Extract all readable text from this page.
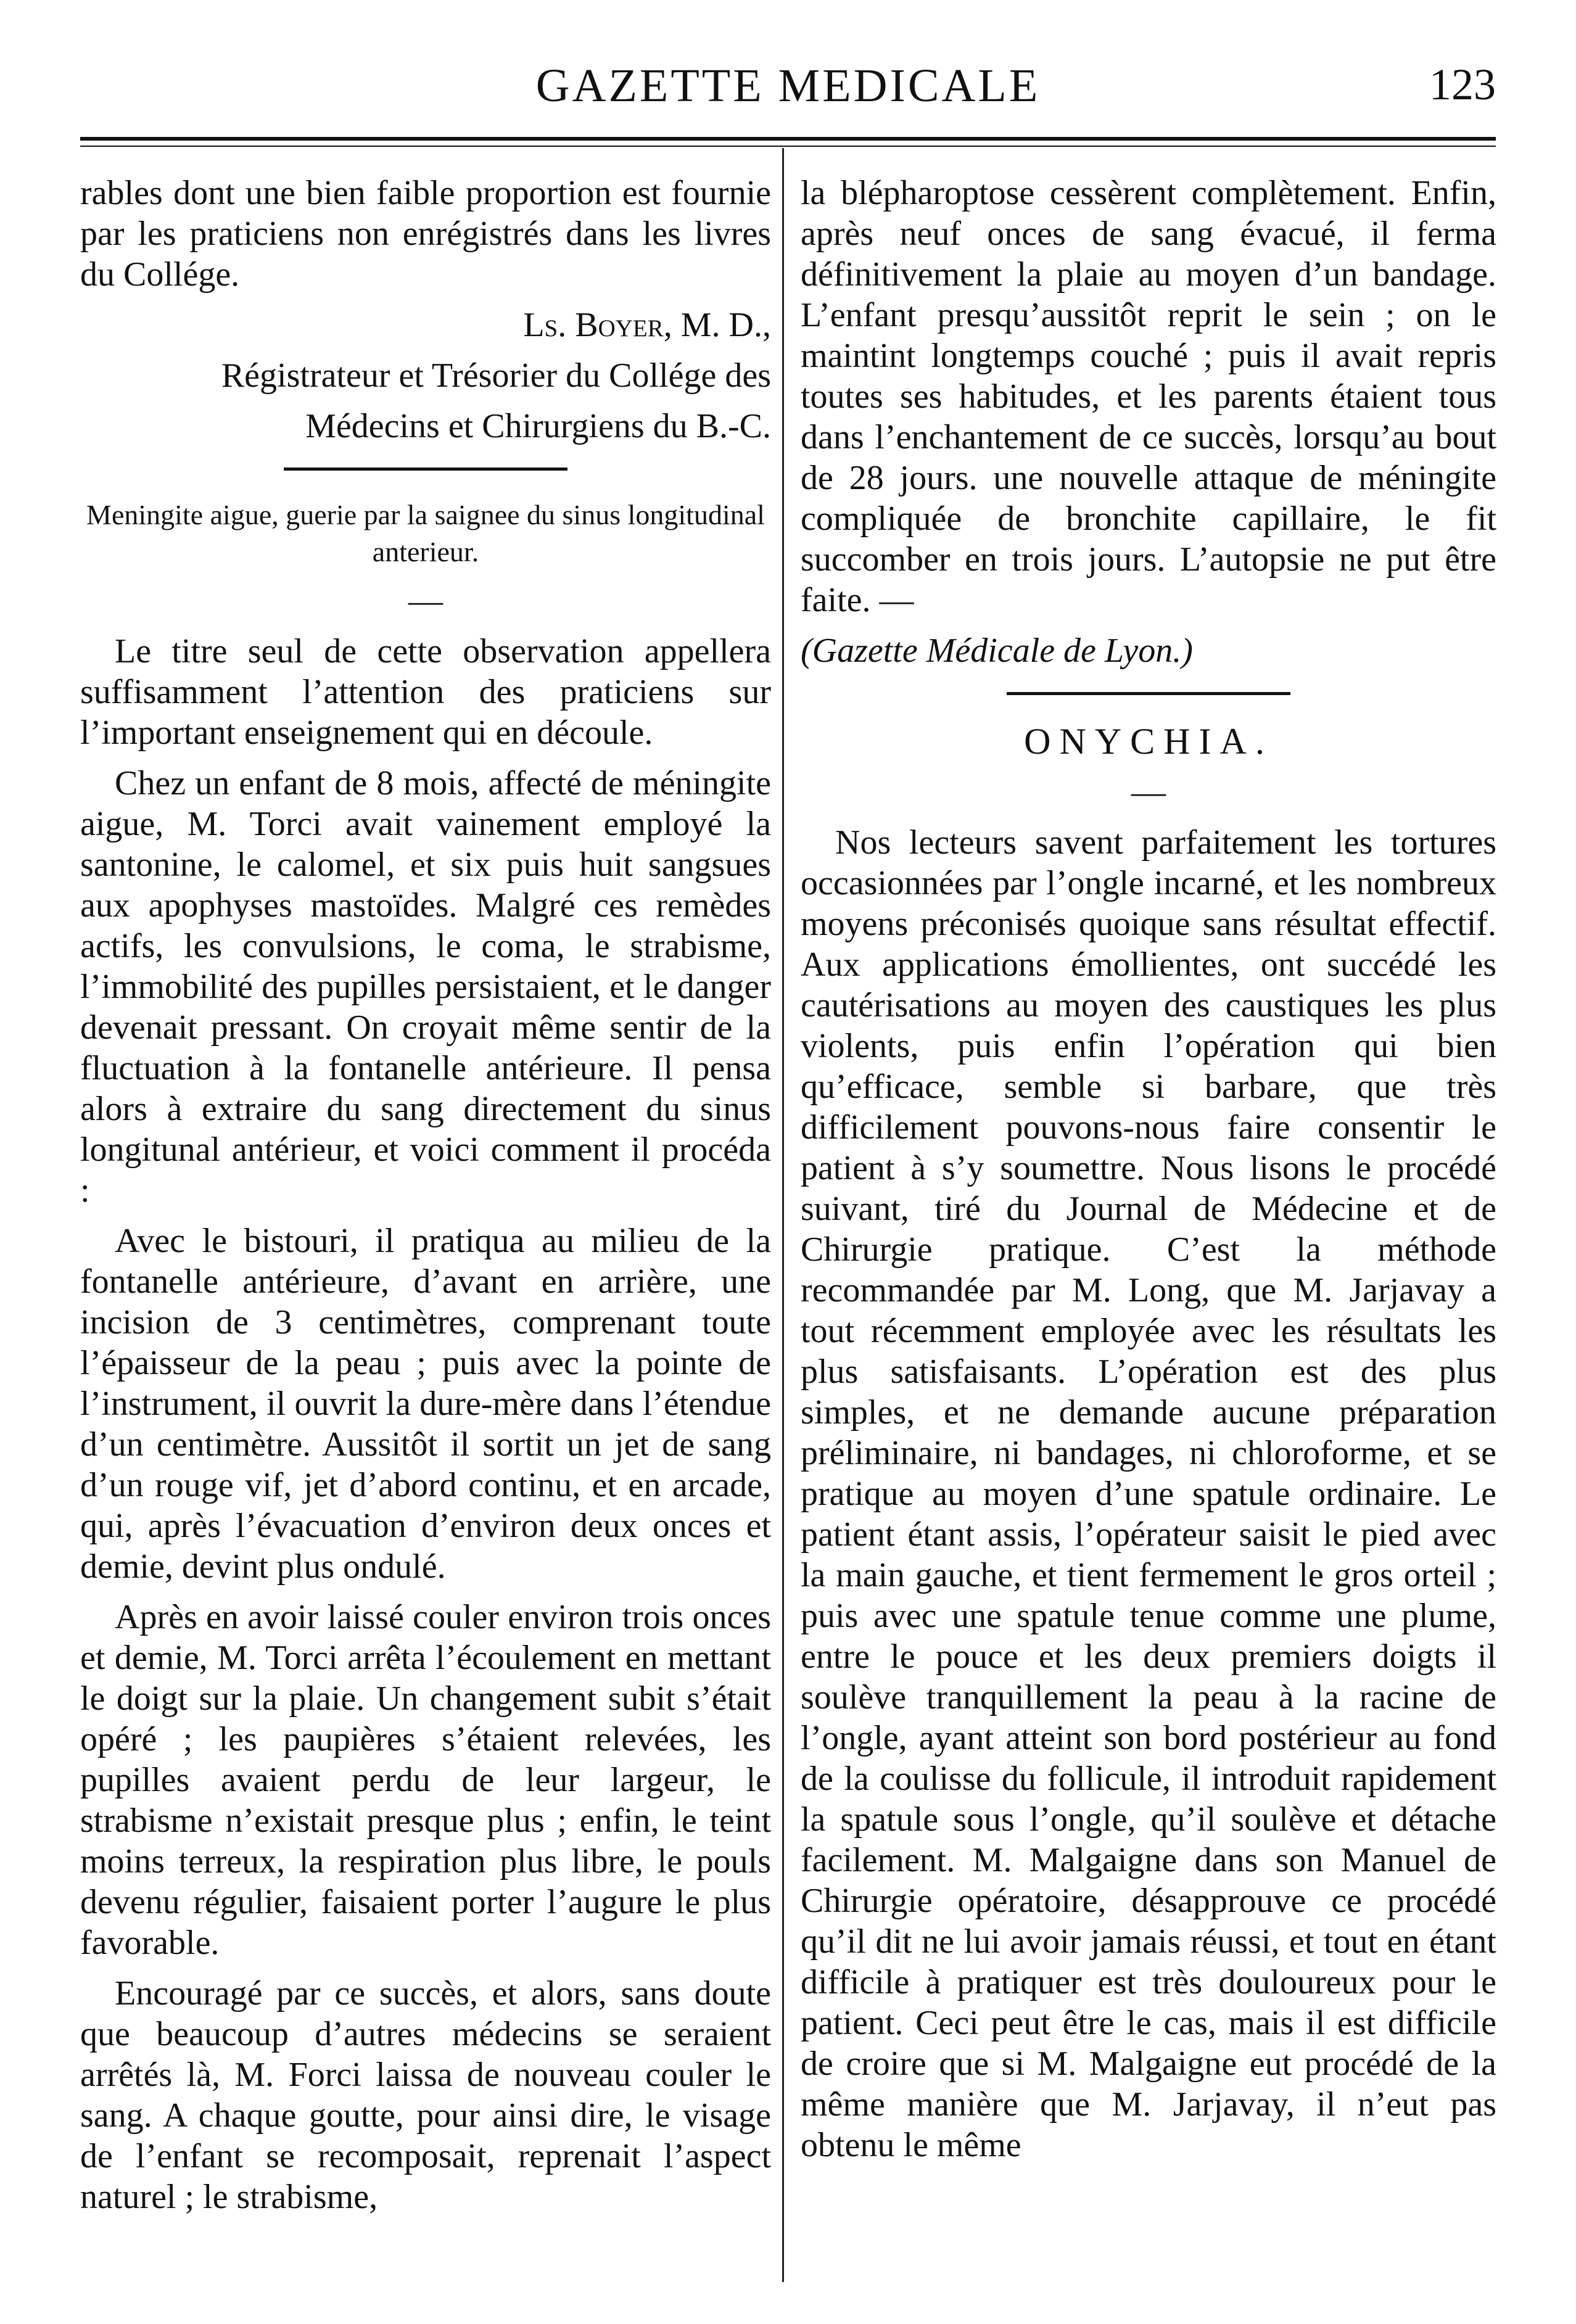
GAZETTE MEDICALE	123

rables dont une bien faible proportion est fournie par les praticiens non enrégistrés dans les livres du Collége.

Ls. Boyer, M. D.,

Régistrateur et Trésorier du Collége des

Médecins et Chirurgiens du B.-C.

Meningite aigue, guerie par la saignee du sinus longitudinal anterieur.

—

Le titre seul de cette observation appellera suffisamment l’attention des praticiens sur l’important enseignement qui en découle.

Chez un enfant de 8 mois, affecté de méningite aigue, M. Torci avait vainement employé la santonine, le calomel, et six puis huit sangsues aux apophyses mastoïdes. Malgré ces remèdes actifs, les convulsions, le coma, le strabisme, l’immobilité des pupilles persistaient, et le danger devenait pressant. On croyait même sentir de la fluctuation à la fontanelle antérieure. Il pensa alors à extraire du sang directement du sinus longitunal antérieur, et voici comment il procéda :

Avec le bistouri, il pratiqua au milieu de la fontanelle antérieure, d’avant en arrière, une incision de 3 centimètres, comprenant toute l’épaisseur de la peau ; puis avec la pointe de l’instrument, il ouvrit la dure-mère dans l’étendue d’un centimètre. Aussitôt il sortit un jet de sang d’un rouge vif, jet d’abord continu, et en arcade, qui, après l’évacuation d’environ deux onces et demie, devint plus ondulé.

Après en avoir laissé couler environ trois onces et demie, M. Torci arrêta l’écoulement en mettant le doigt sur la plaie. Un changement subit s’était opéré ; les paupières s’étaient relevées, les pupilles avaient perdu de leur largeur, le strabisme n’existait presque plus ; enfin, le teint moins terreux, la respiration plus libre, le pouls devenu régulier, faisaient porter l’augure le plus favorable.

Encouragé par ce succès, et alors, sans doute que beaucoup d’autres médecins se seraient arrêtés là, M. Forci laissa de nouveau couler le sang. A chaque goutte, pour ainsi dire, le visage de l’enfant se recomposait, reprenait l’aspect naturel ; le strabisme,

la blépharoptose cessèrent complètement. Enfin, après neuf onces de sang évacué, il ferma définitivement la plaie au moyen d’un bandage. L’enfant presqu’aussitôt reprit le sein ; on le maintint longtemps couché ; puis il avait repris toutes ses habitudes, et les parents étaient tous dans l’enchantement de ce succès, lorsqu’au bout de 28 jours. une nouvelle attaque de méningite compliquée de bronchite capillaire, le fit succomber en trois jours. L’autopsie ne put être faite. —

(Gazette Médicale de Lyon.)

ONYCHIA.

—

Nos lecteurs savent parfaitement les tortures occasionnées par l’ongle incarné, et les nombreux moyens préconisés quoique sans résultat effectif. Aux applications émollientes, ont succédé les cautérisations au moyen des caustiques les plus violents, puis enfin l’opération qui bien qu’efficace, semble si barbare, que très difficilement pouvons-nous faire consentir le patient à s’y soumettre. Nous lisons le procédé suivant, tiré du Journal de Médecine et de Chirurgie pratique. C’est la méthode recommandée par M. Long, que M. Jarjavay a tout récemment employée avec les résultats les plus satisfaisants. L’opération est des plus simples, et ne demande aucune préparation préliminaire, ni bandages, ni chloroforme, et se pratique au moyen d’une spatule ordinaire. Le patient étant assis, l’opérateur saisit le pied avec la main gauche, et tient fermement le gros orteil ; puis avec une spatule tenue comme une plume, entre le pouce et les deux premiers doigts il soulève tranquillement la peau à la racine de l’ongle, ayant atteint son bord postérieur au fond de la coulisse du follicule, il introduit rapidement la spatule sous l’ongle, qu’il soulève et détache facilement. M. Malgaigne dans son Manuel de Chirurgie opératoire, désapprouve ce procédé qu’il dit ne lui avoir jamais réussi, et tout en étant difficile à pratiquer est très douloureux pour le patient. Ceci peut être le cas, mais il est difficile de croire que si M. Malgaigne eut procédé de la même manière que M. Jarjavay, il n’eut pas obtenu le même
